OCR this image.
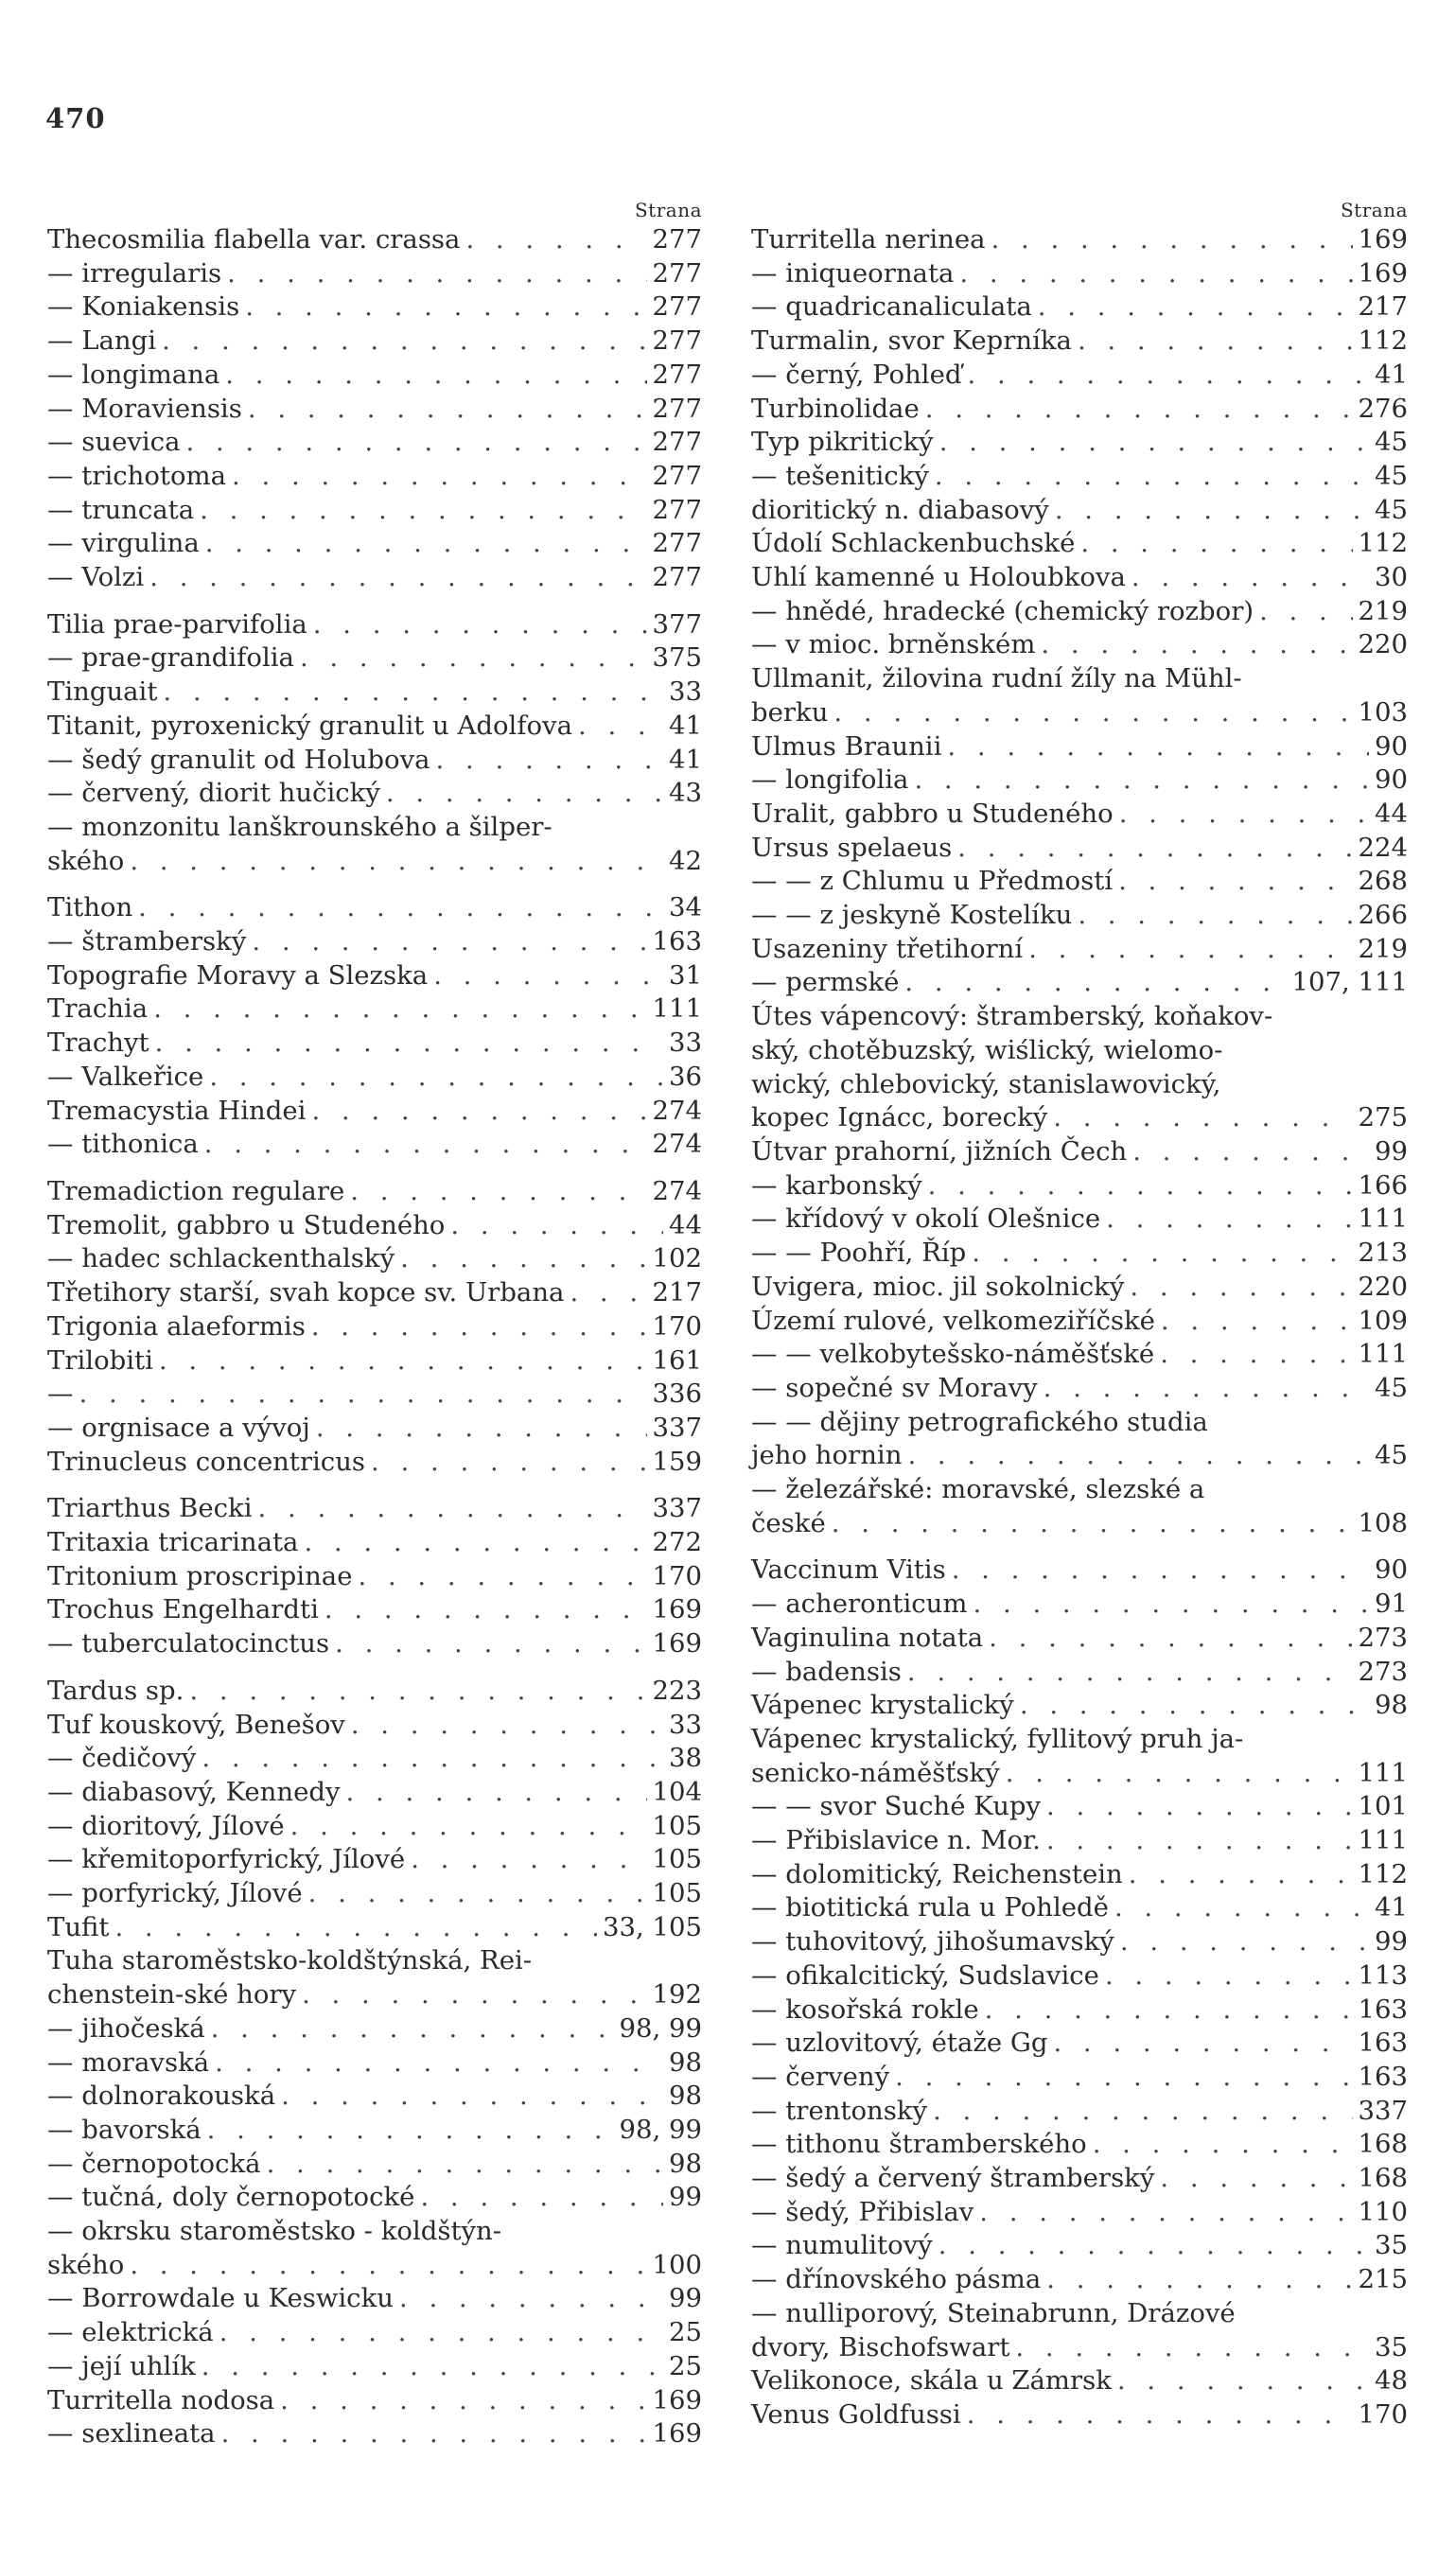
470
Strana
Thecosmilia flabella var. crassa . . .	277
— irregularis . . .	277
— Koniakensis . . .	277
— Langi . . .	277
— longimana . . .	277
— Moraviensis . . .	277
— suevica . . .	277
— trichotoma . . .	277
— truncata . . .	277
— virgulina . . .	277
— Volzi . . .	277
Tilia prae-parvifolia . . .	377
— prae-grandifolia . . .	375
Tinguait . . .	33
Titanit, pyroxenický granulit u Adolfova . . .	41
— šedý granulit od Holubova . . .	41
— červený, diorit hučický . . .	43
— monzonitu lanškrounského a šilper-
ského . . .	42
Tithon . . .	34
— štramberský . . .	163
Topografie Moravy a Slezska . . .	31
Trachia . . .	111
Trachyt . . .	33
— Valkeřice . . .	36
Tremacystia Hindei . . .	274
— tithonica . . .	274
Tremadiction regulare . . .	274
Tremolit, gabbro u Studeného . . .	44
— hadec schlackenthalský . . .	102
Třetihory starší, svah kopce sv. Urbana . . .	217
Trigonia alaeformis . . .	170
Trilobiti . . .	161
— . . .	336
— orgnisace a vývoj . . .	337
Trinucleus concentricus . . .	159
Triarthus Becki . . .	337
Tritaxia tricarinata . . .	272
Tritonium proscripinae . . .	170
Trochus Engelhardti . . .	169
— tuberculatocinctus . . .	169
Tardus sp. . . .	223
Tuf kouskový, Benešov . . .	33
— čedičový . . .	38
— diabasový, Kennedy . . .	104
— dioritový, Jílové . . .	105
— křemitoporfyrický, Jílové . . .	105
— porfyrický, Jílové . . .	105
Tufit . . .	33, 105
Tuha staroměstsko-koldštýnská, Rei-
chenstein-ské hory . . .	192
— jihočeská . . .	98, 99
— moravská . . .	98
— dolnorakouská . . .	98
— bavorská . . .	98, 99
— černopotocká . . .	98
— tučná, doly černopotocké . . .	99
— okrsku staroměstsko - koldštýn-
ského . . .	100
— Borrowdale u Keswicku . . .	99
— elektrická . . .	25
— její uhlík . . .	25
Turritella nodosa . . .	169
— sexlineata . . .	169
Strana
Turritella nerinea . . .	169
— iniqueornata . . .	169
— quadricanaliculata . . .	217
Turmalin, svor Keprníka . . .	112
— černý, Pohleď . . .	41
Turbinolidae . . .	276
Typ pikritický . . .	45
— tešenitický . . .	45
dioritický n. diabasový . . .	45
Údolí Schlackenbuchské . . .	112
Uhlí kamenné u Holoubkova . . .	30
— hnědé, hradecké (chemický rozbor) . . .	219
— v mioc. brněnském . . .	220
Ullmanit, žilovina rudní žíly na Mühl-
berku . . .	103
Ulmus Braunii . . .	90
— longifolia . . .	90
Uralit, gabbro u Studeného . . .	44
Ursus spelaeus . . .	224
— — z Chlumu u Předmostí . . .	268
— — z jeskyně Kostelíku . . .	266
Usazeniny třetihorní . . .	219
— permské . . .	107, 111
Útes vápencový: štramberský, koňakov-
ský, chotěbuzský, wiślický, wielomo-
wický, chlebovický, stanislawovický,
kopec Ignácc, borecký . . .	275
Útvar prahorní, jižních Čech . . .	99
— karbonský . . .	166
— křídový v okolí Olešnice . . .	111
— — Poohří, Říp . . .	213
Uvigera, mioc. jil sokolnický . . .	220
Území rulové, velkomeziříčské . . .	109
— — velkobytešsko-náměšťské . . .	111
— sopečné sv Moravy . . .	45
— — dějiny petrografického studia
jeho hornin . . .	45
— železářské: moravské, slezské a
české . . .	108
Vaccinum Vitis . . .	90
— acheronticum . . .	91
Vaginulina notata . . .	273
— badensis . . .	273
Vápenec krystalický . . .	98
Vápenec krystalický, fyllitový pruh ja-
senicko-náměšťský . . .	111
— — svor Suché Kupy . . .	101
— Přibislavice n. Mor. . . .	111
— dolomitický, Reichenstein . . .	112
— biotitická rula u Pohledě . . .	41
— tuhovitový, jihošumavský . . .	99
— ofikalcitický, Sudslavice . . .	113
— kosořská rokle . . .	163
— uzlovitový, étaže Gg . . .	163
— červený . . .	163
— trentonský . . .	337
— tithonu štramberského . . .	168
— šedý a červený štramberský . . .	168
— šedý, Přibislav . . .	110
— numulitový . . .	35
— dřínovského pásma . . .	215
— nulliporový, Steinabrunn, Drázové
dvory, Bischofswart . . .	35
Velikonoce, skála u Zámrsk . . .	48
Venus Goldfussi . . .	170
